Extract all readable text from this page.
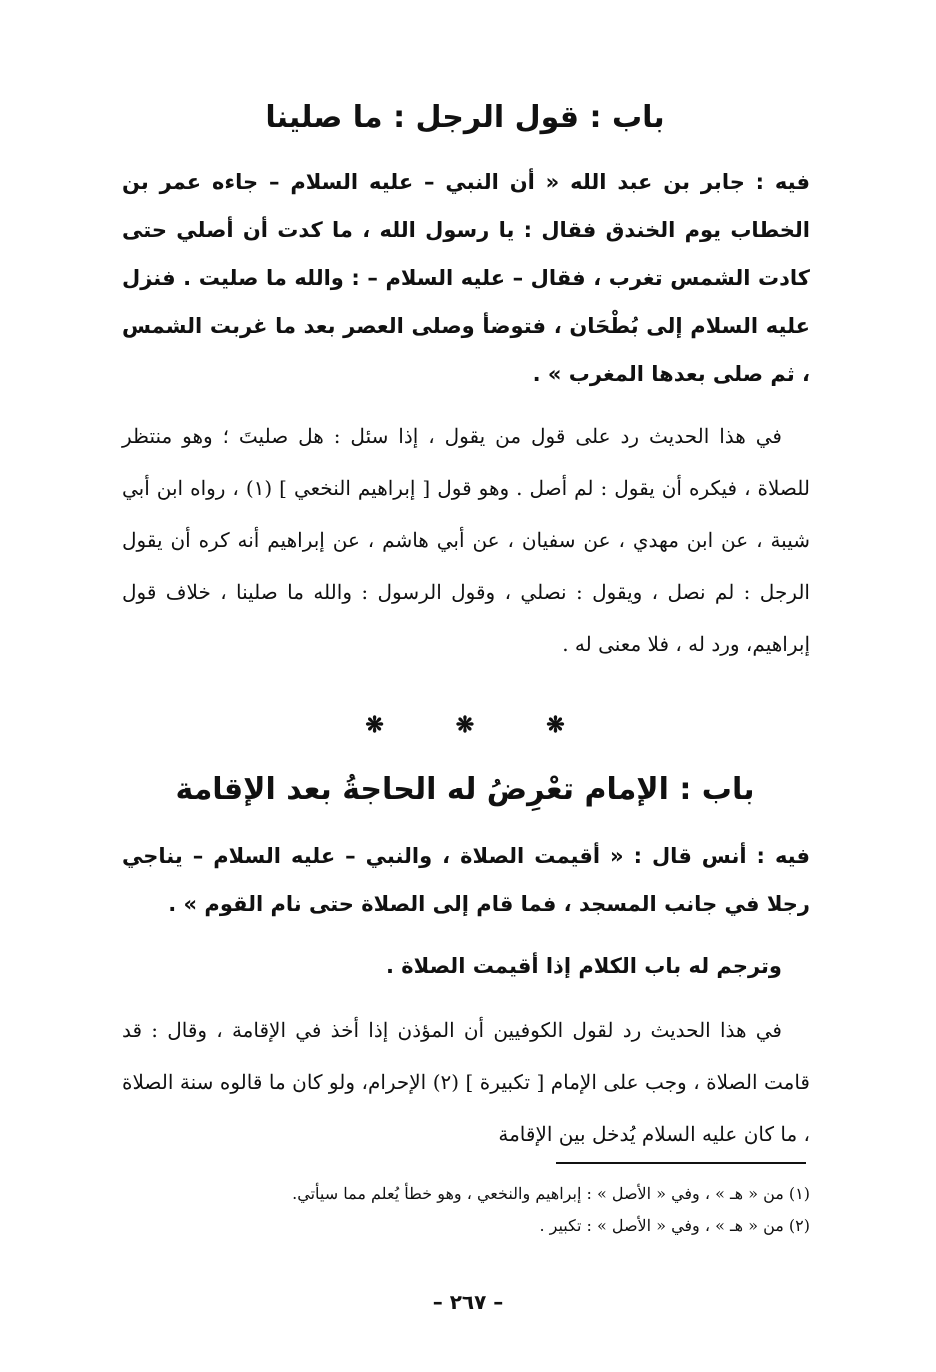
باب : قول الرجل : ما صلينا

فيه : جابر بن عبد الله « أن النبي – عليه السلام – جاءه عمر بن الخطاب يوم الخندق فقال : يا رسول الله ، ما كدت أن أصلي حتى كادت الشمس تغرب ، فقال – عليه السلام – : والله ما صليت . فنزل عليه السلام إلى بُطْحَان ، فتوضأ وصلى العصر بعد ما غربت الشمس ، ثم صلى بعدها المغرب » .

في هذا الحديث رد على قول من يقول ، إذا سئل : هل صليتَ ؛ وهو منتظر للصلاة ، فيكره أن يقول : لم أصل . وهو قول [ إبراهيم النخعي ] (١) ، رواه ابن أبي شيبة ، عن ابن مهدي ، عن سفيان ، عن أبي هاشم ، عن إبراهيم أنه كره أن يقول الرجل : لم نصل ، ويقول : نصلي ، وقول الرسول : والله ما صلينا ، خلاف قول إبراهيم، ورد له ، فلا معنى له .

❋	❋	❋
باب : الإمام تعْرِضُ له الحاجةُ بعد الإقامة

فيه : أنس قال : « أقيمت الصلاة ، والنبي – عليه السلام – يناجي رجلا في جانب المسجد ، فما قام إلى الصلاة حتى نام القوم » .

وترجم له باب الكلام إذا أقيمت الصلاة .

في هذا الحديث رد لقول الكوفيين أن المؤذن إذا أخذ في الإقامة ، وقال : قد قامت الصلاة ، وجب على الإمام [ تكبيرة ] (٢) الإحرام، ولو كان ما قالوه سنة الصلاة ، ما كان عليه السلام يُدخل بين الإقامة

(١) من « هـ » ، وفي « الأصل » : إبراهيم والنخعي ، وهو خطأ يُعلم مما سيأتي.
(٢) من « هـ » ، وفي « الأصل » : تكبير .
– ٢٦٧ –
